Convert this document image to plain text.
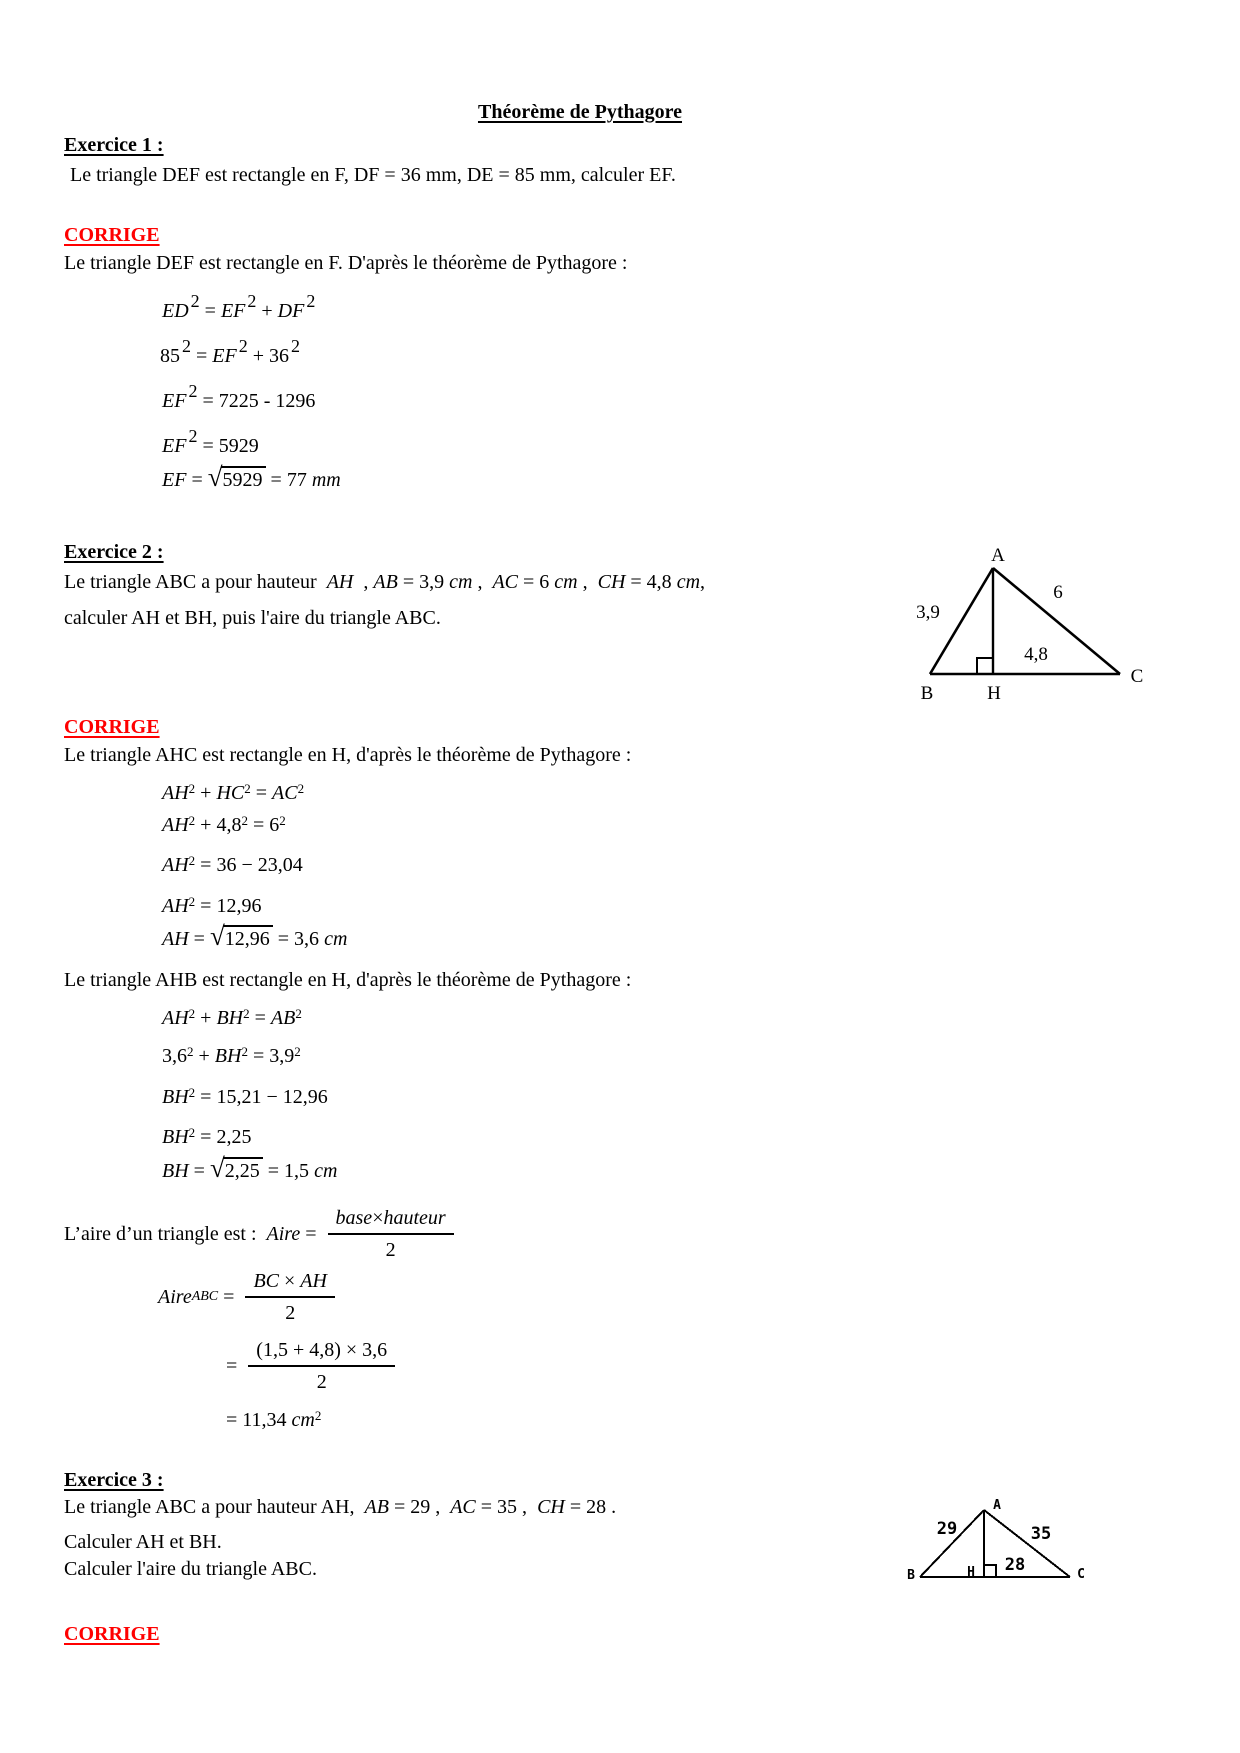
Théorème de Pythagore
Exercice 1 :
Le triangle DEF est rectangle en F, DF = 36 mm, DE = 85 mm, calculer EF.
CORRIGE
Le triangle DEF est rectangle en F. D'après le théorème de Pythagore :
ED 2 = EF 2 + DF 2
85 2 = EF 2 + 36 2
EF 2 = 7225 - 1296
EF 2 = 5929
EF = √ 5929 = 77 mm
Exercice 2 :
Le triangle ABC a pour hauteur  AH  , AB = 3,9 cm ,  AC = 6 cm ,  CH = 4,8 cm,
calculer AH et BH, puis l'aire du triangle ABC.
A
B	H
C
3,9
6
4,8
CORRIGE
Le triangle AHC est rectangle en H, d'après le théorème de Pythagore :
$AH^2 + HC^2 = AC^2$
$AH^2 + 4,8^2 = 6^2$
$AH^2 = 36 - 23,04$
$AH^2 = 12,96$
AH = √ 12,96 = 3,6 cm
Le triangle AHB est rectangle en H, d'après le théorème de Pythagore :
$AH^2 + BH^2 = AB^2$
$3,6^2 + BH^2 = 3,9^2$
$BH^2 = 15,21 - 12,96$
$BH^2 = 2,25$
BH = √ 2,25 = 1,5 cm
L’aire d’un triangle est : Aire = $\frac{\text{base×hauteur}}{2}$
Aire ABC = $\frac{BC \times AH}{2}$
= $\frac{(1,5 + 4,8) \times 3,6}{2}$
= 11,34 $cm^2$
Exercice 3 :
Le triangle ABC a pour hauteur AH,  AB = 29 ,  AC = 35 ,  CH = 28 .
Calculer AH et BH.
Calculer l'aire du triangle ABC.
A
B	C
H
29	35
28
CORRIGE
